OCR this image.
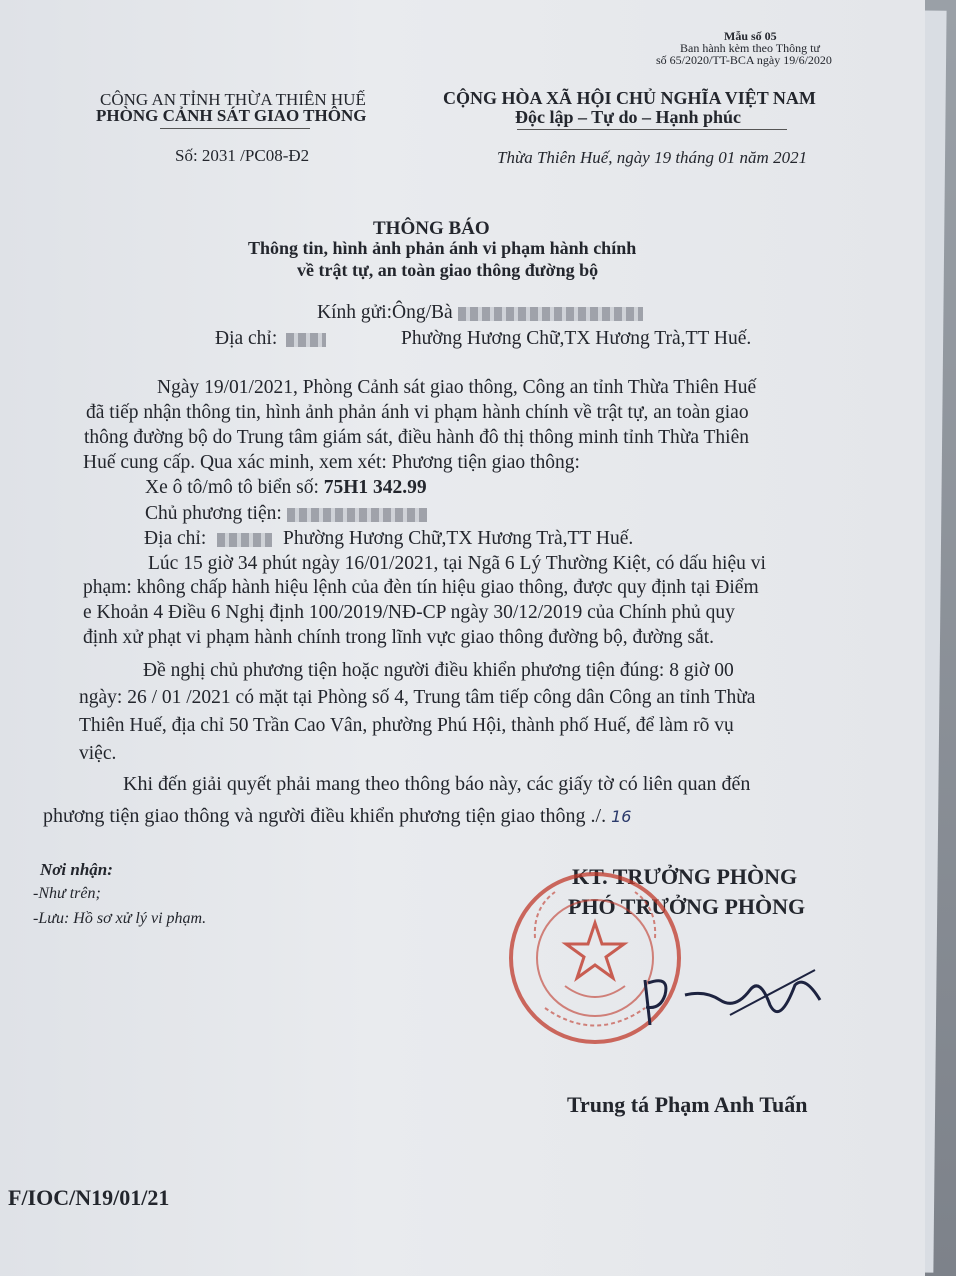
Mẫu số 05
Ban hành kèm theo Thông tư
số 65/2020/TT-BCA ngày 19/6/2020
CÔNG AN TỈNH THỪA THIÊN HUẾ
PHÒNG CẢNH SÁT GIAO THÔNG
Số: 2031 /PC08-Đ2
CỘNG HÒA XÃ HỘI CHỦ NGHĨA VIỆT NAM
Độc lập – Tự do – Hạnh phúc
Thừa Thiên Huế, ngày 19 tháng 01 năm 2021
THÔNG BÁO
Thông tin, hình ảnh phản ánh vi phạm hành chính
về trật tự, an toàn giao thông đường bộ
Kính gửi:Ông/Bà
Địa chỉ:	Phường Hương Chữ,TX Hương Trà,TT Huế.
Ngày 19/01/2021, Phòng Cảnh sát giao thông, Công an tỉnh Thừa Thiên Huế
đã tiếp nhận thông tin, hình ảnh phản ánh vi phạm hành chính về trật tự, an toàn giao
thông đường bộ do Trung tâm giám sát, điều hành đô thị thông minh tỉnh Thừa Thiên
Huế cung cấp. Qua xác minh, xem xét: Phương tiện giao thông:
Xe ô tô/mô tô biển số: 75H1 342.99
Chủ phương tiện:
Địa chỉ:	Phường Hương Chữ,TX Hương Trà,TT Huế.
Lúc 15 giờ 34 phút ngày 16/01/2021, tại Ngã 6 Lý Thường Kiệt, có dấu hiệu vi
phạm: không chấp hành hiệu lệnh của đèn tín hiệu giao thông, được quy định tại Điểm
e Khoản 4 Điều 6 Nghị định 100/2019/NĐ-CP ngày 30/12/2019 của Chính phủ quy
định xử phạt vi phạm hành chính trong lĩnh vực giao thông đường bộ, đường sắt.
Đề nghị chủ phương tiện hoặc người điều khiển phương tiện đúng: 8 giờ 00
ngày: 26 / 01 /2021 có mặt tại Phòng số 4, Trung tâm tiếp công dân Công an tỉnh Thừa
Thiên Huế, địa chỉ 50 Trần Cao Vân, phường Phú Hội, thành phố Huế, để làm rõ vụ
việc.
Khi đến giải quyết phải mang theo thông báo này, các giấy tờ có liên quan đến
phương tiện giao thông và người điều khiển phương tiện giao thông ./. 16
Nơi nhận:
-Như trên;
-Lưu: Hồ sơ xử lý vi phạm.
KT. TRƯỞNG PHÒNG
PHÓ TRƯỞNG PHÒNG
Trung tá Phạm Anh Tuấn
F/IOC/N19/01/21
